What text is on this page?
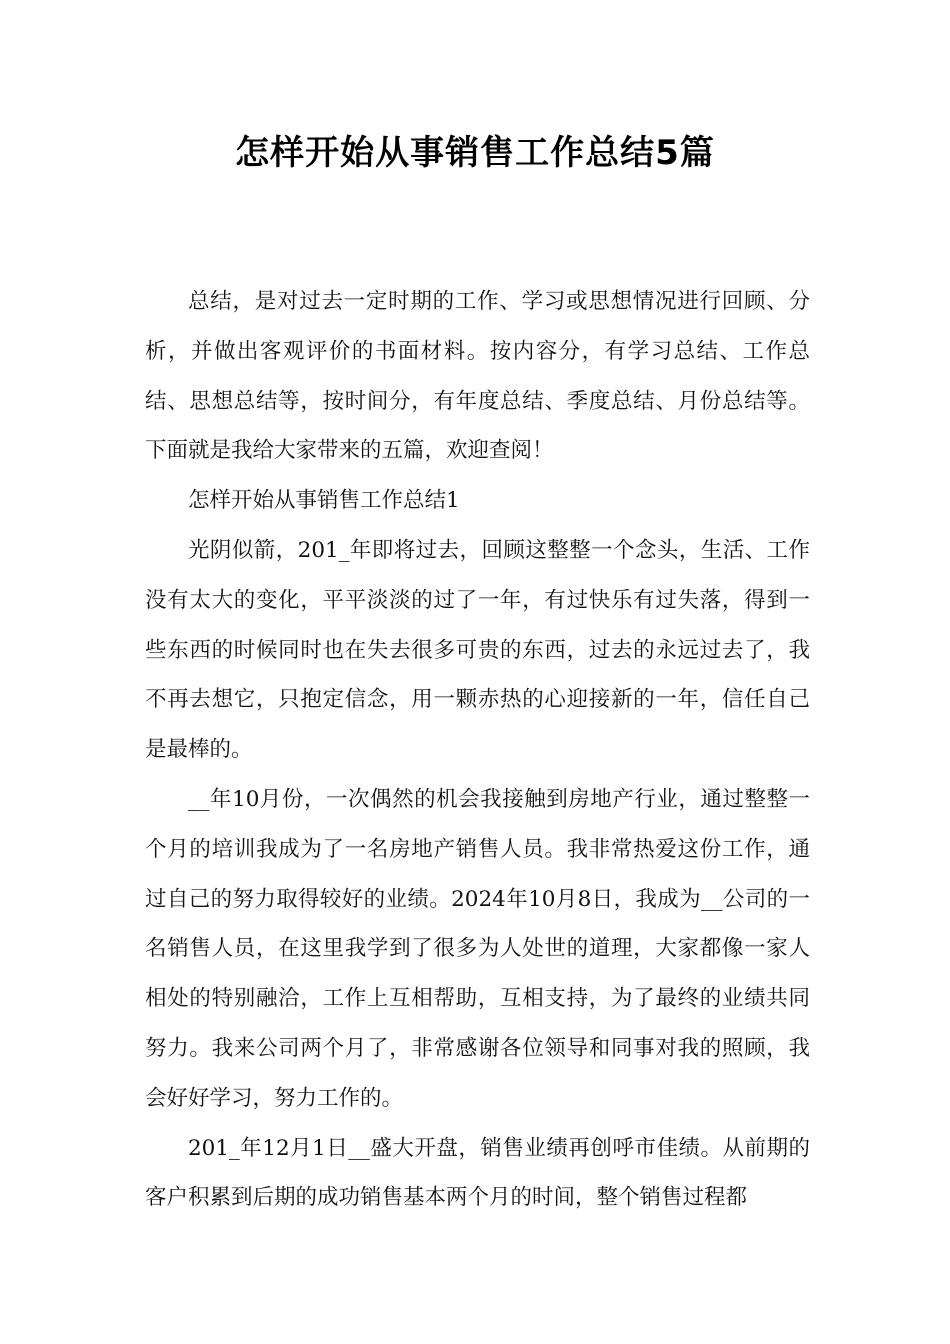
怎样开始从事销售工作总结5篇

总结，是对过去一定时期的工作、学习或思想情况进行回顾、分析，并做出客观评价的书面材料。按内容分，有学习总结、工作总结、思想总结等，按时间分，有年度总结、季度总结、月份总结等。下面就是我给大家带来的五篇，欢迎查阅！

怎样开始从事销售工作总结1

光阴似箭，201_年即将过去，回顾这整整一个念头，生活、工作没有太大的变化，平平淡淡的过了一年，有过快乐有过失落，得到一些东西的时候同时也在失去很多可贵的东西，过去的永远过去了，我不再去想它，只抱定信念，用一颗赤热的心迎接新的一年，信任自己是最棒的。

__年10月份，一次偶然的机会我接触到房地产行业，通过整整一个月的培训我成为了一名房地产销售人员。我非常热爱这份工作，通过自己的努力取得较好的业绩。2024年10月8日，我成为__公司的一名销售人员，在这里我学到了很多为人处世的道理，大家都像一家人相处的特别融洽，工作上互相帮助，互相支持，为了最终的业绩共同努力。我来公司两个月了，非常感谢各位领导和同事对我的照顾，我会好好学习，努力工作的。

201_年12月1日__盛大开盘，销售业绩再创呼市佳绩。从前期的客户积累到后期的成功销售基本两个月的时间，整个销售过程都
